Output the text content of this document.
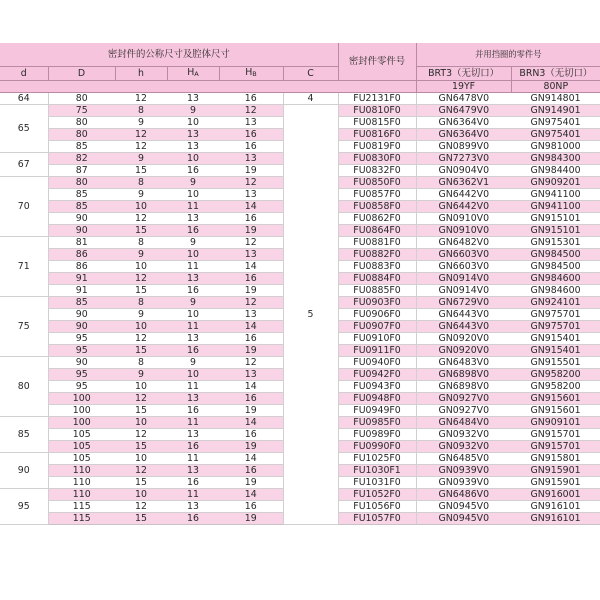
密封件的公称尺寸及腔体尺寸						密封件零件号	并用挡圈的零件号	
d	D	h	HA	HB	C		BRT3（无切口）	BRN3（无切口）
							19YF	80NP
64	80	12	13	16	4	FU2131F0	GN6478V0	GN914801
65	75	8	9	12	5	FU0810F0	GN6479V0	GN914901
	80	9	10	13		FU0815F0	GN6364V0	GN975401
	80	12	13	16		FU0816F0	GN6364V0	GN975401
	85	12	13	16		FU0819F0	GN0899V0	GN981000
67	82	9	10	13		FU0830F0	GN7273V0	GN984300
	87	15	16	19		FU0832F0	GN0904V0	GN984400
70	80	8	9	12		FU0850F0	GN6362V1	GN909201
	85	9	10	13		FU0857F0	GN6442V0	GN941100
	85	10	11	14		FU0858F0	GN6442V0	GN941100
	90	12	13	16		FU0862F0	GN0910V0	GN915101
	90	15	16	19		FU0864F0	GN0910V0	GN915101
71	81	8	9	12		FU0881F0	GN6482V0	GN915301
	86	9	10	13		FU0882F0	GN6603V0	GN984500
	86	10	11	14		FU0883F0	GN6603V0	GN984500
	91	12	13	16		FU0884F0	GN0914V0	GN984600
	91	15	16	19		FU0885F0	GN0914V0	GN984600
75	85	8	9	12		FU0903F0	GN6729V0	GN924101
	90	9	10	13		FU0906F0	GN6443V0	GN975701
	90	10	11	14		FU0907F0	GN6443V0	GN975701
	95	12	13	16		FU0910F0	GN0920V0	GN915401
	95	15	16	19		FU0911F0	GN0920V0	GN915401
80	90	8	9	12		FU0940F0	GN6483V0	GN915501
	95	9	10	13		FU0942F0	GN6898V0	GN958200
	95	10	11	14		FU0943F0	GN6898V0	GN958200
	100	12	13	16		FU0948F0	GN0927V0	GN915601
	100	15	16	19		FU0949F0	GN0927V0	GN915601
85	100	10	11	14		FU0985F0	GN6484V0	GN909101
	105	12	13	16		FU0989F0	GN0932V0	GN915701
	105	15	16	19		FU0990F0	GN0932V0	GN915701
90	105	10	11	14		FU1025F0	GN6485V0	GN915801
	110	12	13	16		FU1030F1	GN0939V0	GN915901
	110	15	16	19		FU1031F0	GN0939V0	GN915901
95	110	10	11	14		FU1052F0	GN6486V0	GN916001
	115	12	13	16		FU1056F0	GN0945V0	GN916101
	115	15	16	19		FU1057F0	GN0945V0	GN916101
